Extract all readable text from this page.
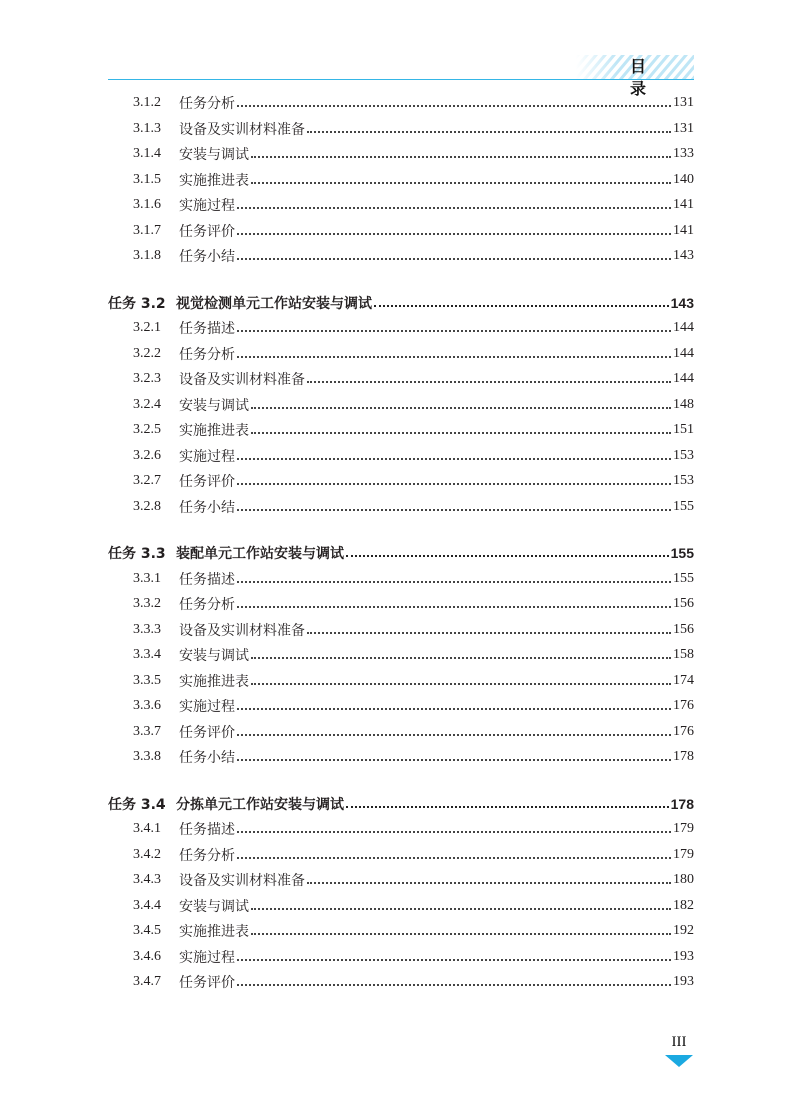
目 录
3.1.2	任务分析	131
3.1.3	设备及实训材料准备	131
3.1.4	安装与调试	133
3.1.5	实施推进表	140
3.1.6	实施过程	141
3.1.7	任务评价	141
3.1.8	任务小结	143
任务 3.2 视觉检测单元工作站安装与调试	143
3.2.1	任务描述	144
3.2.2	任务分析	144
3.2.3	设备及实训材料准备	144
3.2.4	安装与调试	148
3.2.5	实施推进表	151
3.2.6	实施过程	153
3.2.7	任务评价	153
3.2.8	任务小结	155
任务 3.3 装配单元工作站安装与调试	155
3.3.1	任务描述	155
3.3.2	任务分析	156
3.3.3	设备及实训材料准备	156
3.3.4	安装与调试	158
3.3.5	实施推进表	174
3.3.6	实施过程	176
3.3.7	任务评价	176
3.3.8	任务小结	178
任务 3.4 分拣单元工作站安装与调试	178
3.4.1	任务描述	179
3.4.2	任务分析	179
3.4.3	设备及实训材料准备	180
3.4.4	安装与调试	182
3.4.5	实施推进表	192
3.4.6	实施过程	193
3.4.7	任务评价	193
III
